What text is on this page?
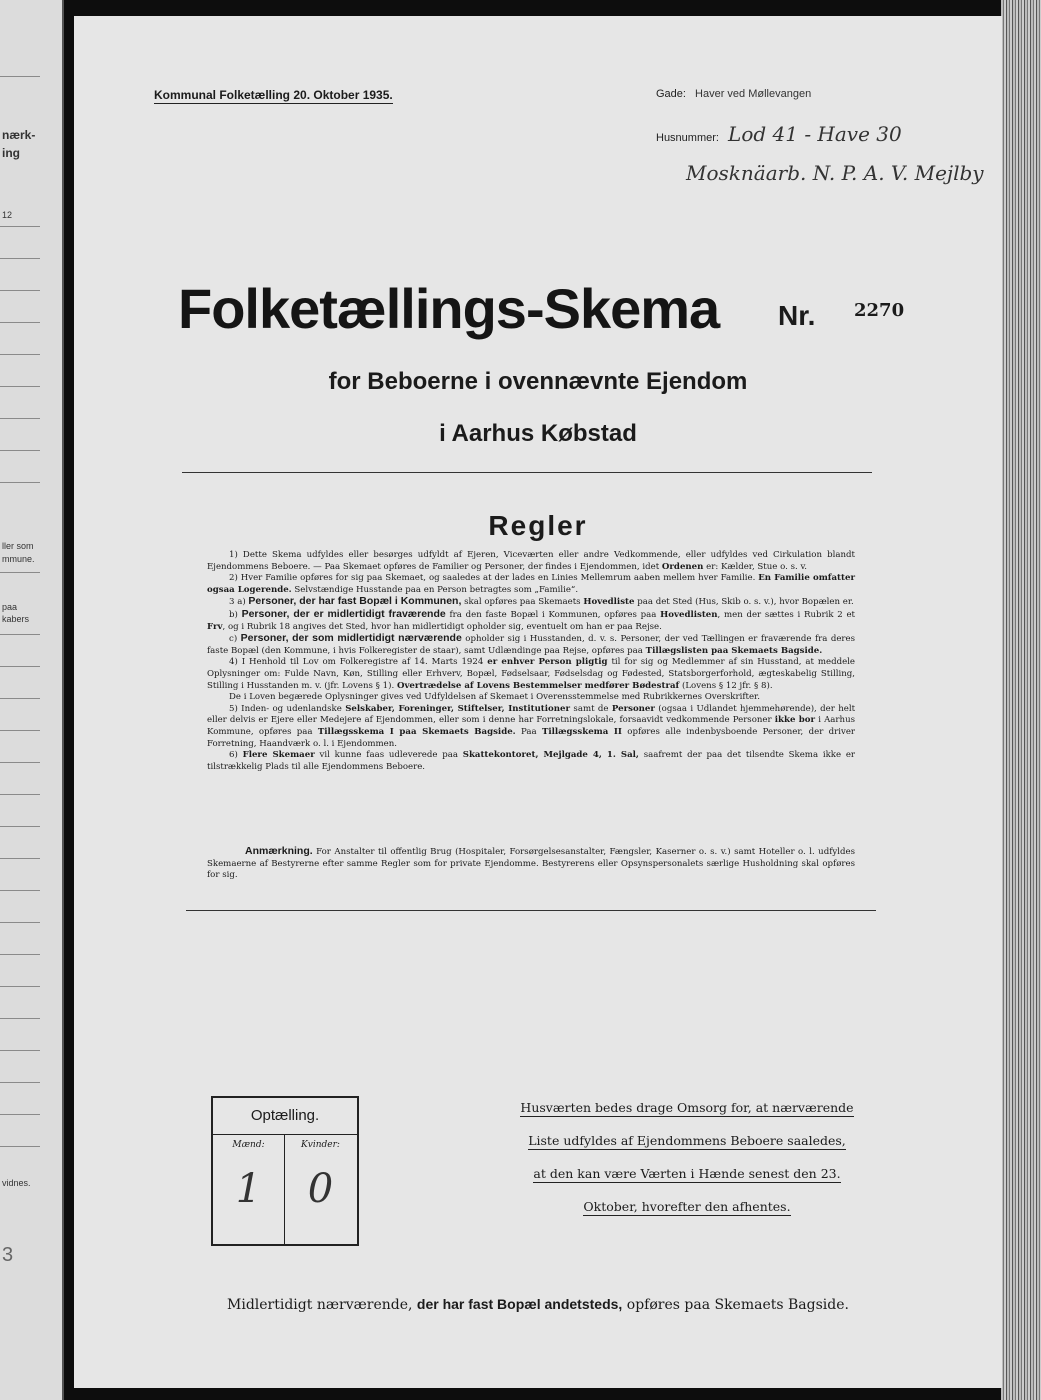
nærk-
ing
12
ller som
mmune.
paa
kabers
vidnes.
3
Kommunal Folketælling 20. Oktober 1935.	Gade: Haver ved Møllevangen
Husnummer: Lod 41 - Have 30
Mosknäarb. N. P. A. V. Mejlby
Folketællings-Skema Nr. 2270
for Beboerne i ovennævnte Ejendom
i Aarhus Købstad
Regler

1) Dette Skema udfyldes eller besørges udfyldt af Ejeren, Viceværten eller andre Vedkommende, eller udfyldes ved Cirkulation blandt Ejendommens Beboere. — Paa Skemaet opføres de Familier og Personer, der findes i Ejendommen, idet Ordenen er: Kælder, Stue o. s. v.

2) Hver Familie opføres for sig paa Skemaet, og saaledes at der lades en Linies Mellemrum aaben mellem hver Familie. En Familie omfatter ogsaa Logerende. Selvstændige Husstande paa en Person betragtes som „Familie“.

3 a) Personer, der har fast Bopæl i Kommunen, skal opføres paa Skemaets Hovedliste paa det Sted (Hus, Skib o. s. v.), hvor Bopælen er.

b) Personer, der er midlertidigt fraværende fra den faste Bopæl i Kommunen, opføres paa Hovedlisten, men der sættes i Rubrik 2 et Frv, og i Rubrik 18 angives det Sted, hvor han midlertidigt opholder sig, eventuelt om han er paa Rejse.

c) Personer, der som midlertidigt nærværende opholder sig i Husstanden, d. v. s. Personer, der ved Tællingen er fraværende fra deres faste Bopæl (den Kommune, i hvis Folkeregister de staar), samt Udlændinge paa Rejse, opføres paa Tillægslisten paa Skemaets Bagside.

4) I Henhold til Lov om Folkeregistre af 14. Marts 1924 er enhver Person pligtig til for sig og Medlemmer af sin Husstand, at meddele Oplysninger om: Fulde Navn, Køn, Stilling eller Erhverv, Bopæl, Fødselsaar, Fødselsdag og Fødested, Statsborgerforhold, ægteskabelig Stilling, Stilling i Husstanden m. v. (jfr. Lovens § 1). Overtrædelse af Lovens Bestemmelser medfører Bødestraf (Lovens § 12 jfr. § 8).

De i Loven begærede Oplysninger gives ved Udfyldelsen af Skemaet i Overensstemmelse med Rubrikkernes Overskrifter.

5) Inden- og udenlandske Selskaber, Foreninger, Stiftelser, Institutioner samt de Personer (ogsaa i Udlandet hjemmehørende), der helt eller delvis er Ejere eller Medejere af Ejendommen, eller som i denne har Forretningslokale, forsaavidt vedkommende Personer ikke bor i Aarhus Kommune, opføres paa Tillægsskema I paa Skemaets Bagside. Paa Tillægsskema II opføres alle indenbysboende Personer, der driver Forretning, Haandværk o. l. i Ejendommen.

6) Flere Skemaer vil kunne faas udleverede paa Skattekontoret, Mejlgade 4, 1. Sal, saafremt der paa det tilsendte Skema ikke er tilstrækkelig Plads til alle Ejendommens Beboere.

Anmærkning. For Anstalter til offentlig Brug (Hospitaler, Forsørgelsesanstalter, Fængsler, Kaserner o. s. v.) samt Hoteller o. l. udfyldes Skemaerne af Bestyrerne efter samme Regler som for private Ejendomme. Bestyrerens eller Opsynspersonalets særlige Husholdning skal opføres for sig.

Optælling.
Mænd:
1
Kvinder:
0
Husværten bedes drage Omsorg for, at nærværende
Liste udfyldes af Ejendommens Beboere saaledes,
at den kan være Værten i Hænde senest den 23.
Oktober, hvorefter den afhentes.
Midlertidigt nærværende, der har fast Bopæl andetsteds, opføres paa Skemaets Bagside.
